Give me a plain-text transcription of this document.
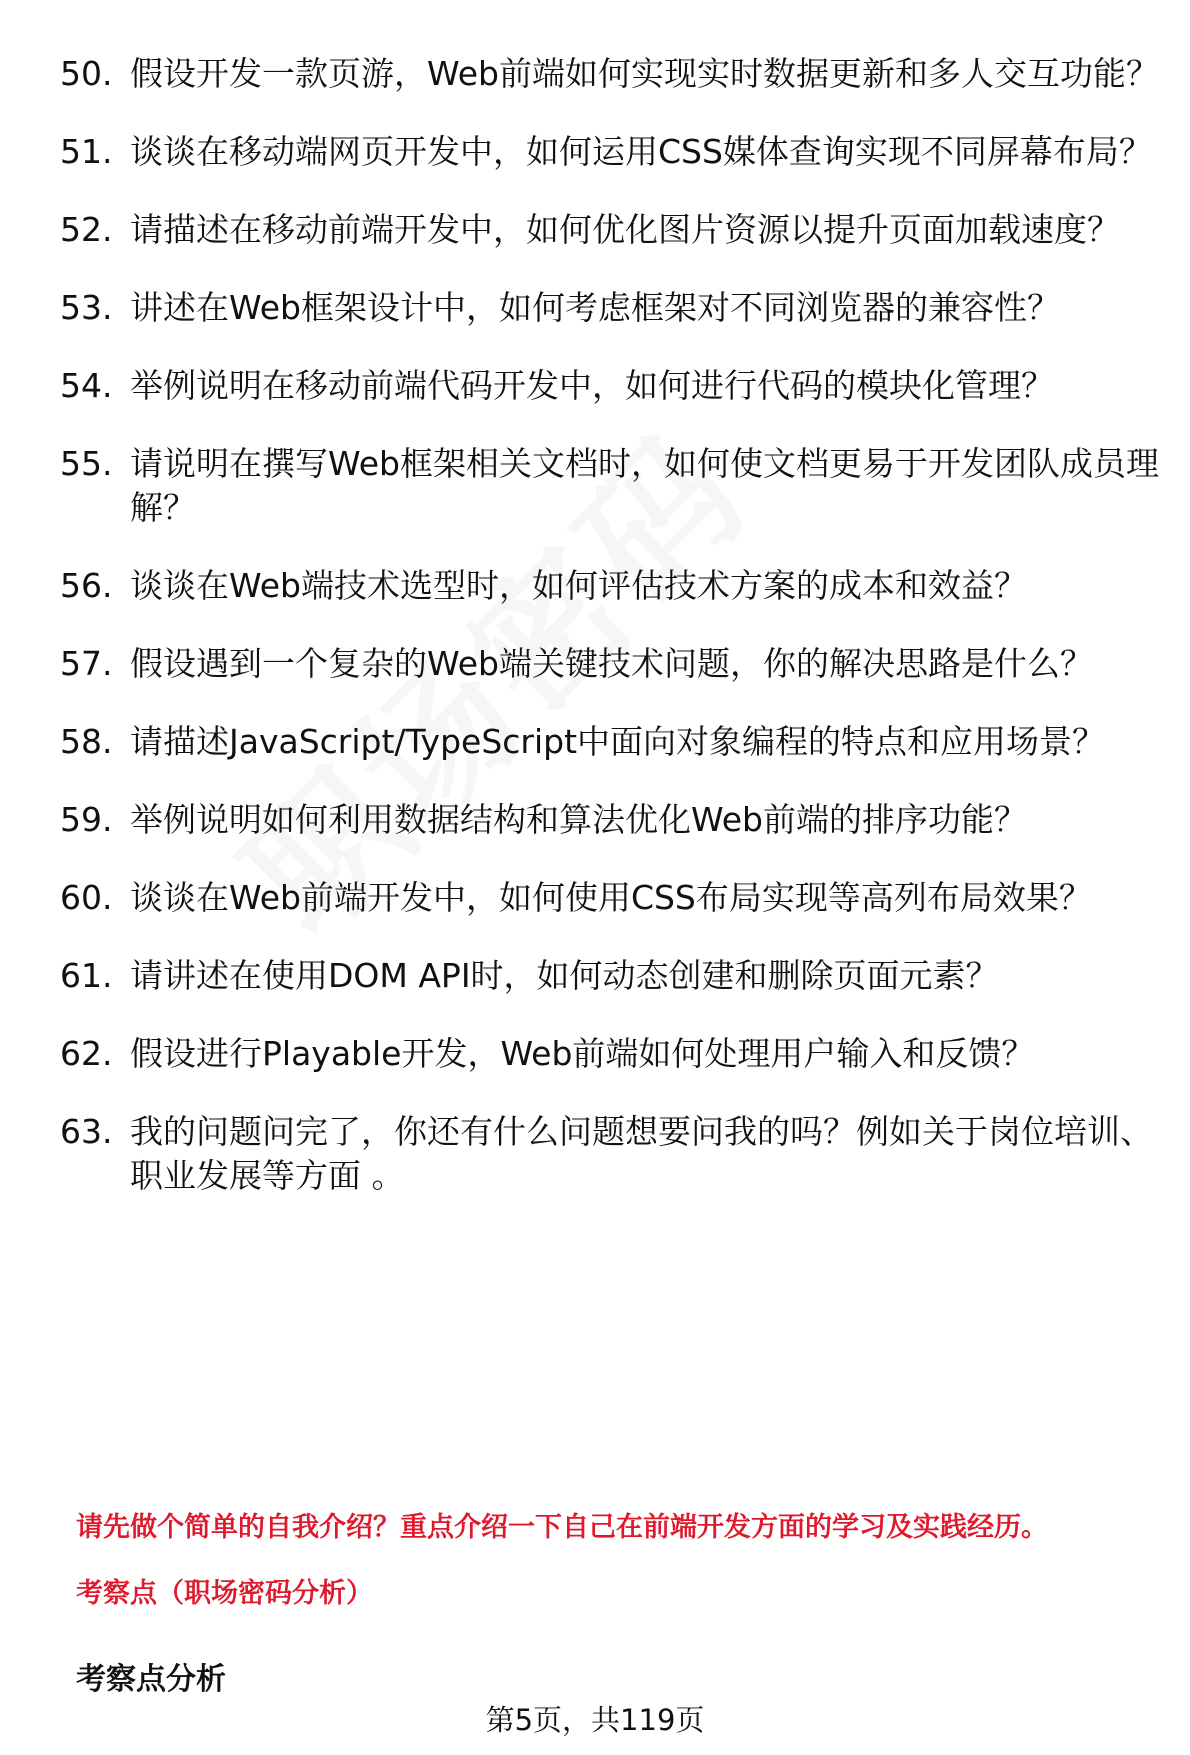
50. 假设开发一款页游，Web前端如何实现实时数据更新和多人交互功能？
51. 谈谈在移动端网页开发中，如何运用CSS媒体查询实现不同屏幕布局？
52. 请描述在移动前端开发中，如何优化图片资源以提升页面加载速度？
53. 讲述在Web框架设计中，如何考虑框架对不同浏览器的兼容性？
54. 举例说明在移动前端代码开发中，如何进行代码的模块化管理？
55. 请说明在撰写Web框架相关文档时，如何使文档更易于开发团队成员理解？
56. 谈谈在Web端技术选型时，如何评估技术方案的成本和效益？
57. 假设遇到一个复杂的Web端关键技术问题，你的解决思路是什么？
58. 请描述JavaScript/TypeScript中面向对象编程的特点和应用场景？
59. 举例说明如何利用数据结构和算法优化Web前端的排序功能？
60. 谈谈在Web前端开发中，如何使用CSS布局实现等高列布局效果？
61. 请讲述在使用DOM API时，如何动态创建和删除页面元素？
62. 假设进行Playable开发，Web前端如何处理用户输入和反馈？
63. 我的问题问完了，你还有什么问题想要问我的吗？例如关于岗位培训、职业发展等方面 。
请先做个简单的自我介绍？重点介绍一下自己在前端开发方面的学习及实践经历。
考察点（职场密码分析）
考察点分析
第5页，共119页
